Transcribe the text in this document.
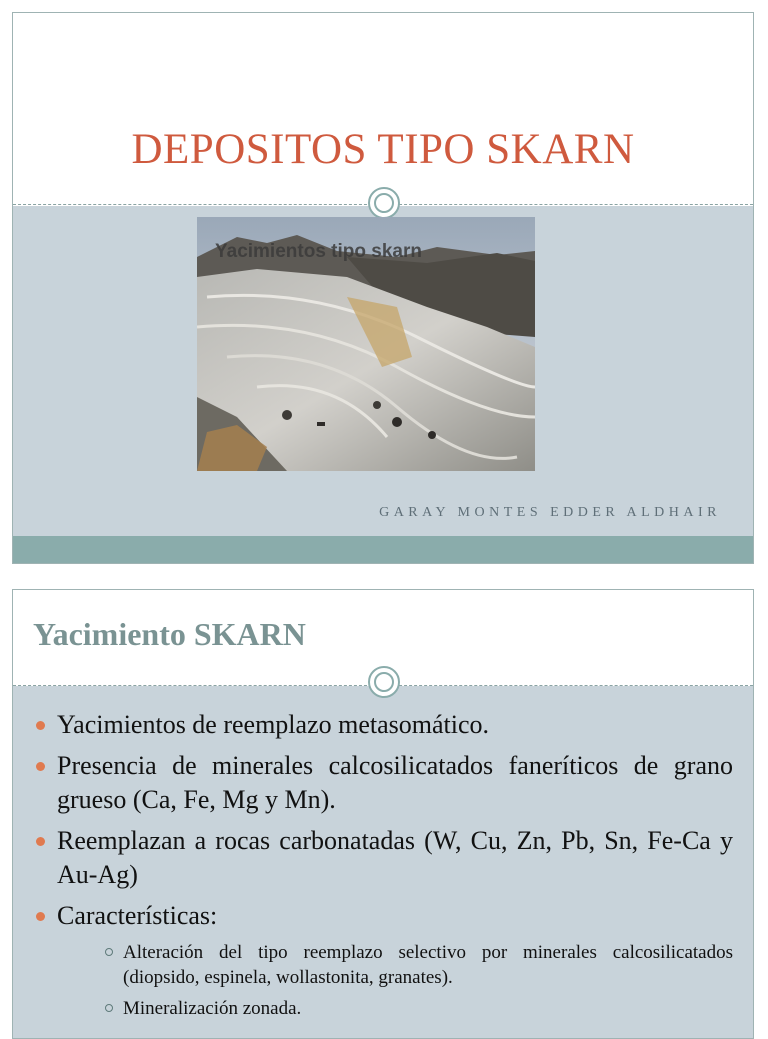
DEPOSITOS TIPO SKARN
Yacimientos tipo skarn
GARAY MONTES EDDER ALDHAIR
Yacimiento SKARN
Yacimientos de reemplazo metasomático.
Presencia de minerales calcosilicatados faneríticos de grano grueso (Ca, Fe, Mg y Mn).
Reemplazan a rocas carbonatadas (W, Cu, Zn, Pb, Sn, Fe-Ca y Au-Ag)
Características:
Alteración del tipo reemplazo selectivo por minerales calcosilicatados (diopsido, espinela, wollastonita, granates).
Mineralización zonada.
